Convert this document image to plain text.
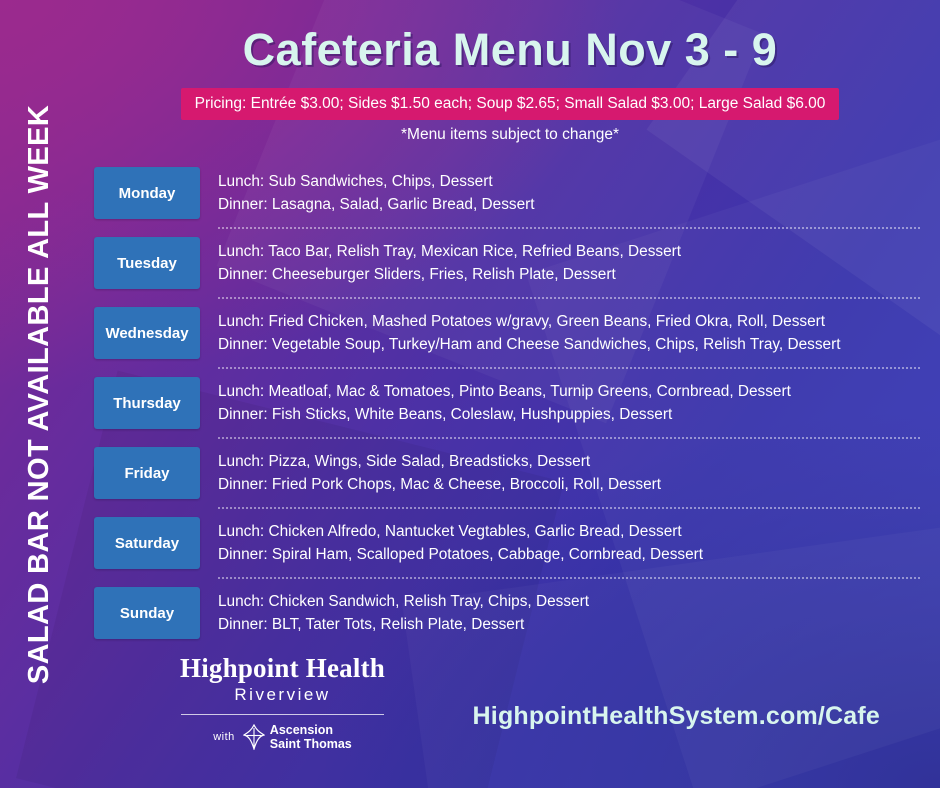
SALAD BAR NOT AVAILABLE ALL WEEK
Cafeteria Menu Nov 3 - 9
Pricing: Entrée $3.00; Sides $1.50 each; Soup $2.65; Small Salad $3.00; Large Salad $6.00
*Menu items subject to change*
Monday
Lunch: Sub Sandwiches, Chips, Dessert
Dinner: Lasagna, Salad, Garlic Bread, Dessert
Tuesday
Lunch: Taco Bar, Relish Tray, Mexican Rice, Refried Beans, Dessert
Dinner: Cheeseburger Sliders, Fries, Relish Plate, Dessert
Wednesday
Lunch: Fried Chicken, Mashed Potatoes w/gravy, Green Beans, Fried Okra, Roll, Dessert
Dinner: Vegetable Soup, Turkey/Ham and Cheese Sandwiches, Chips, Relish Tray, Dessert
Thursday
Lunch: Meatloaf, Mac & Tomatoes, Pinto Beans, Turnip Greens, Cornbread, Dessert
Dinner: Fish Sticks, White Beans, Coleslaw, Hushpuppies, Dessert
Friday
Lunch: Pizza, Wings, Side Salad, Breadsticks, Dessert
Dinner: Fried Pork Chops, Mac & Cheese, Broccoli, Roll, Dessert
Saturday
Lunch: Chicken Alfredo, Nantucket Vegtables, Garlic Bread, Dessert
Dinner: Spiral Ham, Scalloped Potatoes, Cabbage, Cornbread, Dessert
Sunday
Lunch: Chicken Sandwich, Relish Tray, Chips, Dessert
Dinner: BLT, Tater Tots, Relish Plate, Dessert
Highpoint Health
Riverview
with	Ascension
Saint Thomas
HighpointHealthSystem.com/Cafe
